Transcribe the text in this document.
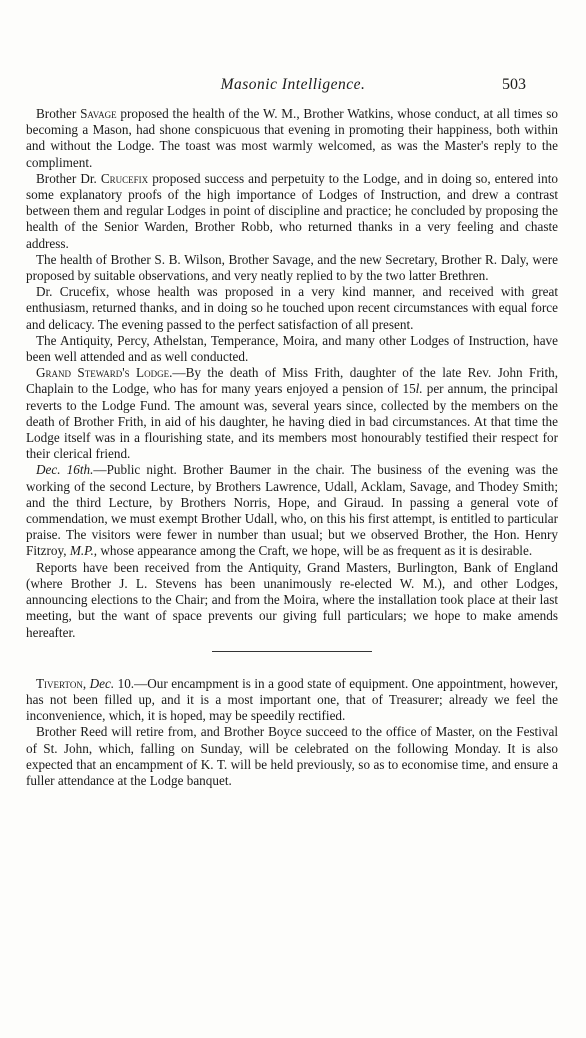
Masonic Intelligence.	503

Brother Savage proposed the health of the W. M., Brother Watkins, whose conduct, at all times so becoming a Mason, had shone conspicuous that evening in promoting their happiness, both within and without the Lodge. The toast was most warmly welcomed, as was the Master's reply to the compliment.

Brother Dr. Crucefix proposed success and perpetuity to the Lodge, and in doing so, entered into some explanatory proofs of the high importance of Lodges of Instruction, and drew a contrast between them and regular Lodges in point of discipline and practice; he concluded by proposing the health of the Senior Warden, Brother Robb, who returned thanks in a very feeling and chaste address.

The health of Brother S. B. Wilson, Brother Savage, and the new Secretary, Brother R. Daly, were proposed by suitable observations, and very neatly replied to by the two latter Brethren.

Dr. Crucefix, whose health was proposed in a very kind manner, and received with great enthusiasm, returned thanks, and in doing so he touched upon recent circumstances with equal force and delicacy. The evening passed to the perfect satisfaction of all present.

The Antiquity, Percy, Athelstan, Temperance, Moira, and many other Lodges of Instruction, have been well attended and as well conducted.

Grand Steward's Lodge.—By the death of Miss Frith, daughter of the late Rev. John Frith, Chaplain to the Lodge, who has for many years enjoyed a pension of 15l. per annum, the principal reverts to the Lodge Fund. The amount was, several years since, collected by the members on the death of Brother Frith, in aid of his daughter, he having died in bad circumstances. At that time the Lodge itself was in a flourishing state, and its members most honourably testified their respect for their clerical friend.

Dec. 16th.—Public night. Brother Baumer in the chair. The business of the evening was the working of the second Lecture, by Brothers Lawrence, Udall, Acklam, Savage, and Thodey Smith; and the third Lecture, by Brothers Norris, Hope, and Giraud. In passing a general vote of commendation, we must exempt Brother Udall, who, on this his first attempt, is entitled to particular praise. The visitors were fewer in number than usual; but we observed Brother, the Hon. Henry Fitzroy, M.P., whose appearance among the Craft, we hope, will be as frequent as it is desirable.

Reports have been received from the Antiquity, Grand Masters, Burlington, Bank of England (where Brother J. L. Stevens has been unanimously re-elected W. M.), and other Lodges, announcing elections to the Chair; and from the Moira, where the installation took place at their last meeting, but the want of space prevents our giving full particulars; we hope to make amends hereafter.

Tiverton, Dec. 10.—Our encampment is in a good state of equipment. One appointment, however, has not been filled up, and it is a most important one, that of Treasurer; already we feel the inconvenience, which, it is hoped, may be speedily rectified.

Brother Reed will retire from, and Brother Boyce succeed to the office of Master, on the Festival of St. John, which, falling on Sunday, will be celebrated on the following Monday. It is also expected that an encampment of K. T. will be held previously, so as to economise time, and ensure a fuller attendance at the Lodge banquet.
